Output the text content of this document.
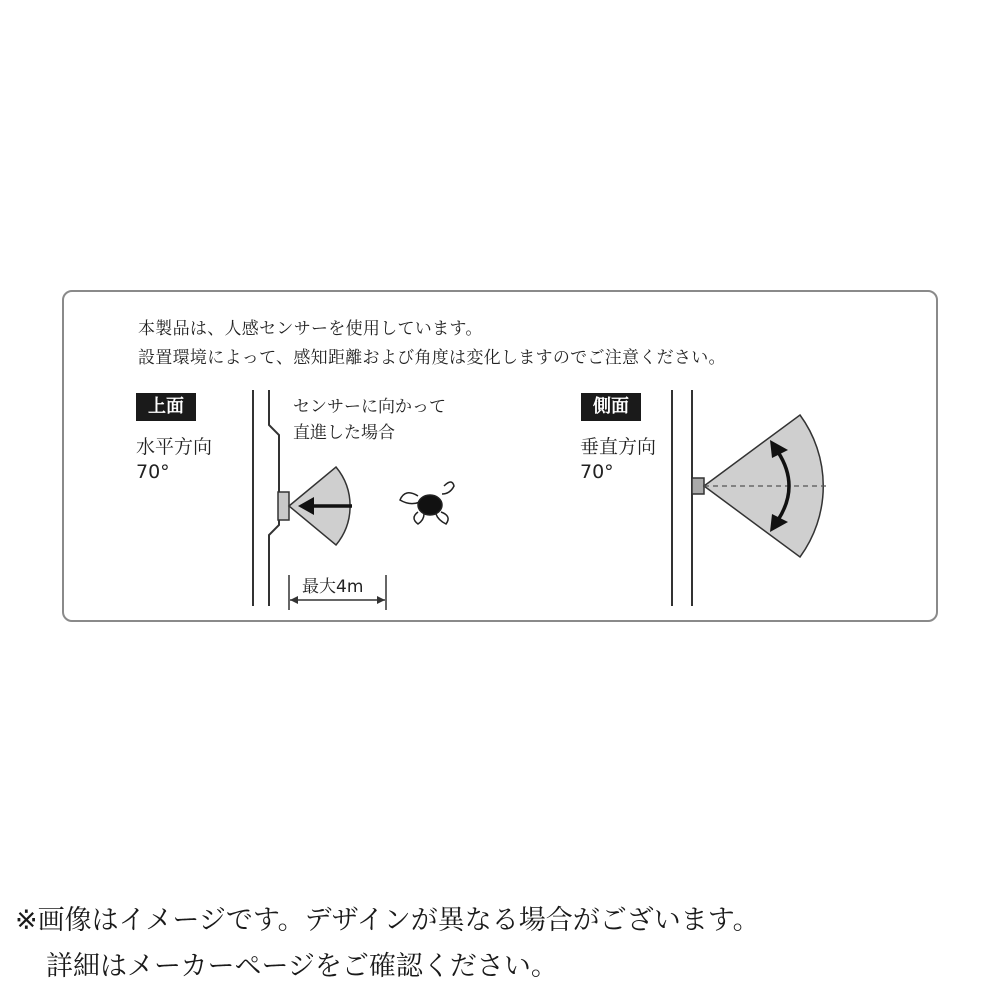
本製品は、人感センサーを使用しています。
設置環境によって、感知距離および角度は変化しますのでご注意ください。
上面
水平方向
70°
センサーに向かって
直進した場合
最大4m
側面
垂直方向
70°
※画像はイメージです。デザインが異なる場合がございます。
詳細はメーカーページをご確認ください。
